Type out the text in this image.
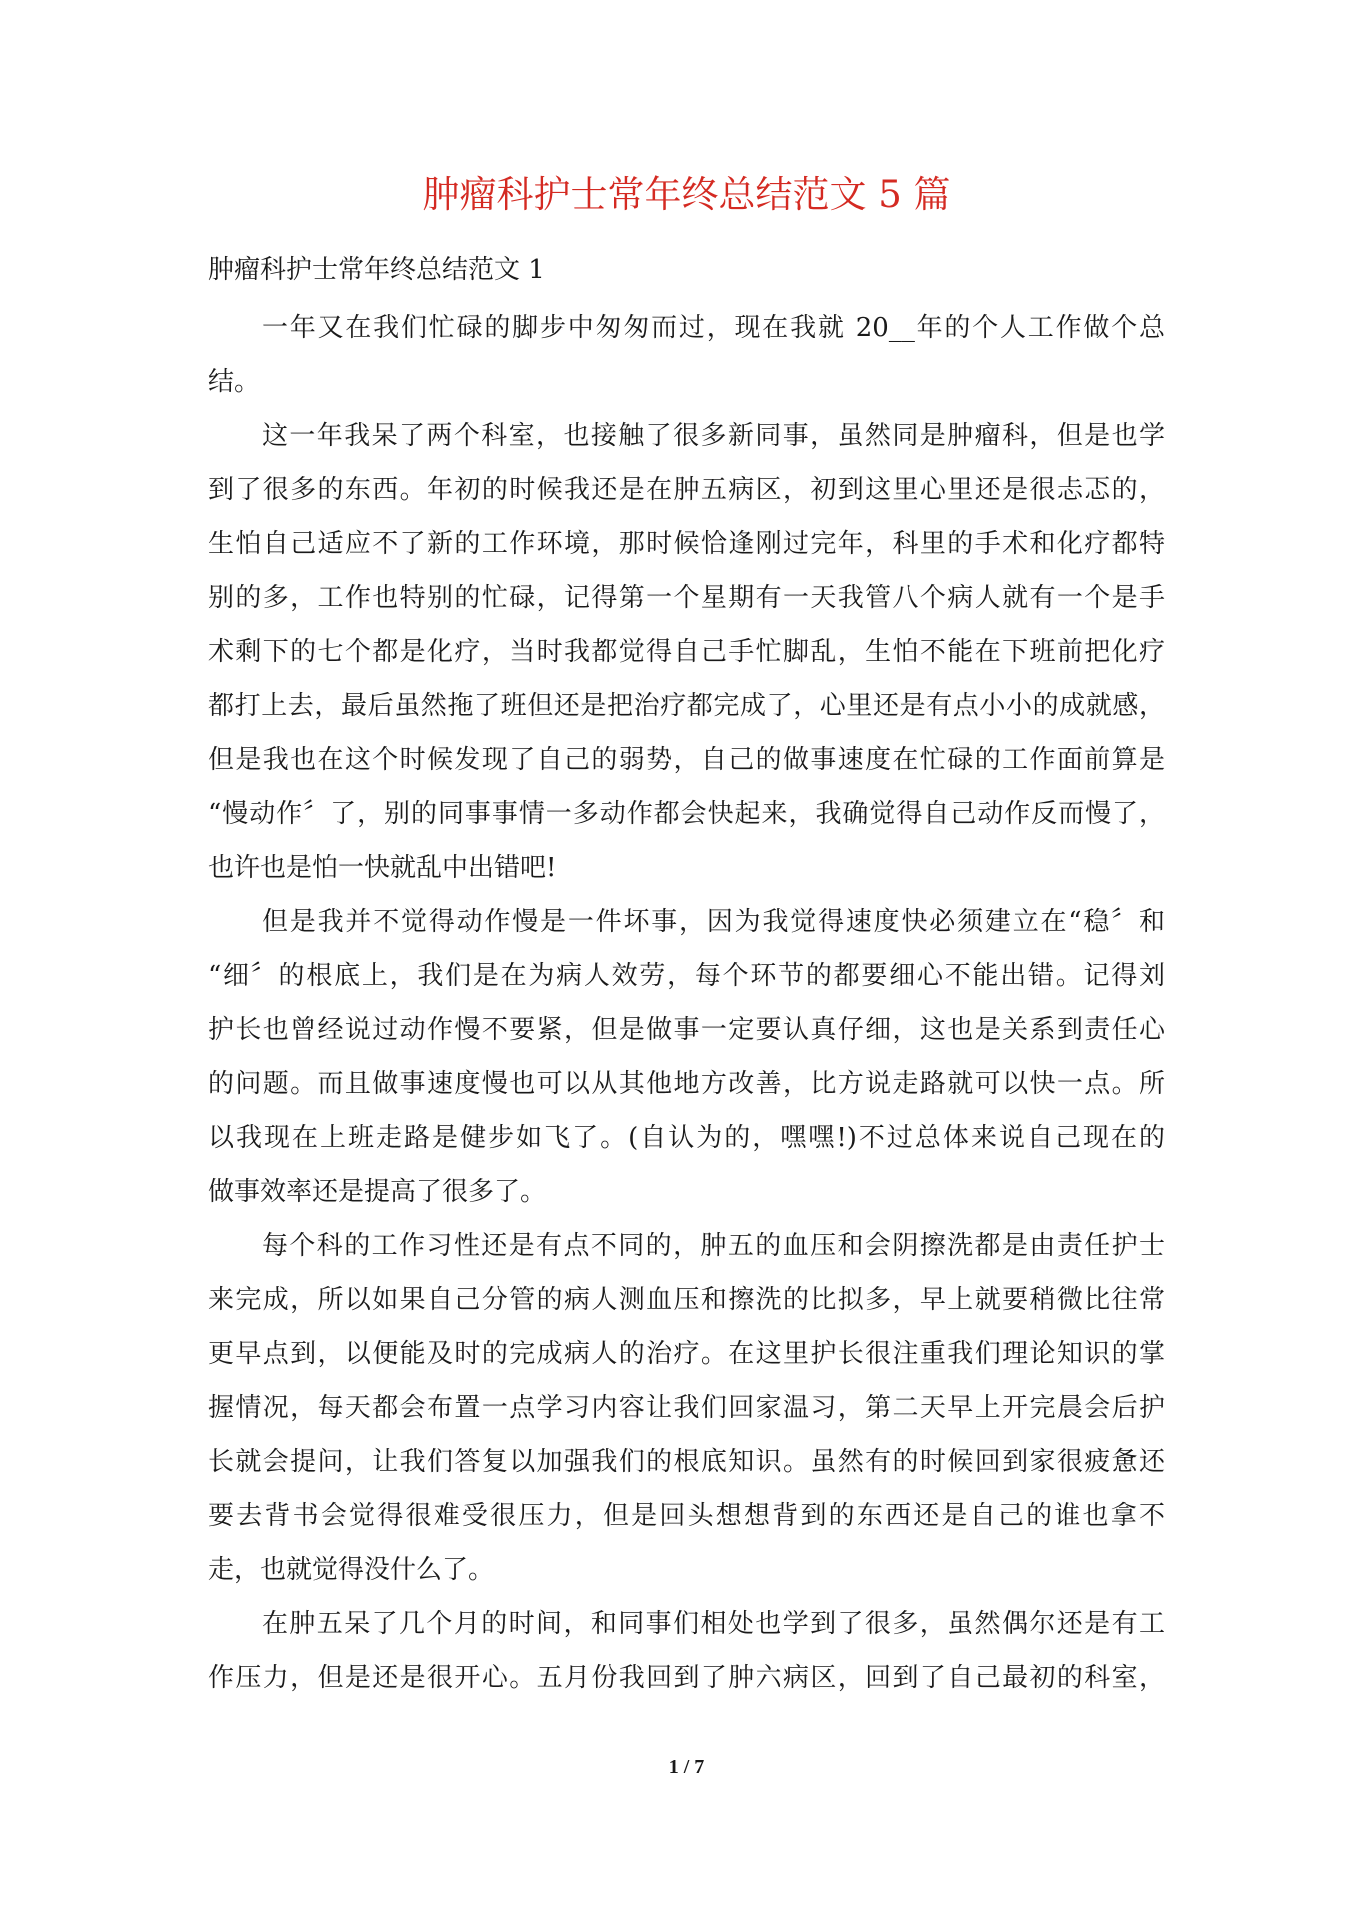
肿瘤科护士常年终总结范文 5 篇
肿瘤科护士常年终总结范文 1
一年又在我们忙碌的脚步中匆匆而过，现在我就 20__年的个人工作做个总
结。
这一年我呆了两个科室，也接触了很多新同事，虽然同是肿瘤科，但是也学
到了很多的东西。年初的时候我还是在肿五病区，初到这里心里还是很忐忑的，
生怕自己适应不了新的工作环境，那时候恰逢刚过完年，科里的手术和化疗都特
别的多，工作也特别的忙碌，记得第一个星期有一天我管八个病人就有一个是手
术剩下的七个都是化疗，当时我都觉得自己手忙脚乱，生怕不能在下班前把化疗
都打上去，最后虽然拖了班但还是把治疗都完成了，心里还是有点小小的成就感，
但是我也在这个时候发现了自己的弱势，自己的做事速度在忙碌的工作面前算是
“慢动作〞了，别的同事事情一多动作都会快起来，我确觉得自己动作反而慢了，
也许也是怕一快就乱中出错吧!
但是我并不觉得动作慢是一件坏事，因为我觉得速度快必须建立在“稳〞和
“细〞的根底上，我们是在为病人效劳，每个环节的都要细心不能出错。记得刘
护长也曾经说过动作慢不要紧，但是做事一定要认真仔细，这也是关系到责任心
的问题。而且做事速度慢也可以从其他地方改善，比方说走路就可以快一点。所
以我现在上班走路是健步如飞了。(自认为的，嘿嘿!)不过总体来说自己现在的
做事效率还是提高了很多了。
每个科的工作习性还是有点不同的，肿五的血压和会阴擦洗都是由责任护士
来完成，所以如果自己分管的病人测血压和擦洗的比拟多，早上就要稍微比往常
更早点到，以便能及时的完成病人的治疗。在这里护长很注重我们理论知识的掌
握情况，每天都会布置一点学习内容让我们回家温习，第二天早上开完晨会后护
长就会提问，让我们答复以加强我们的根底知识。虽然有的时候回到家很疲惫还
要去背书会觉得很难受很压力，但是回头想想背到的东西还是自己的谁也拿不
走，也就觉得没什么了。
在肿五呆了几个月的时间，和同事们相处也学到了很多，虽然偶尔还是有工
作压力，但是还是很开心。五月份我回到了肿六病区，回到了自己最初的科室，
1 / 7
